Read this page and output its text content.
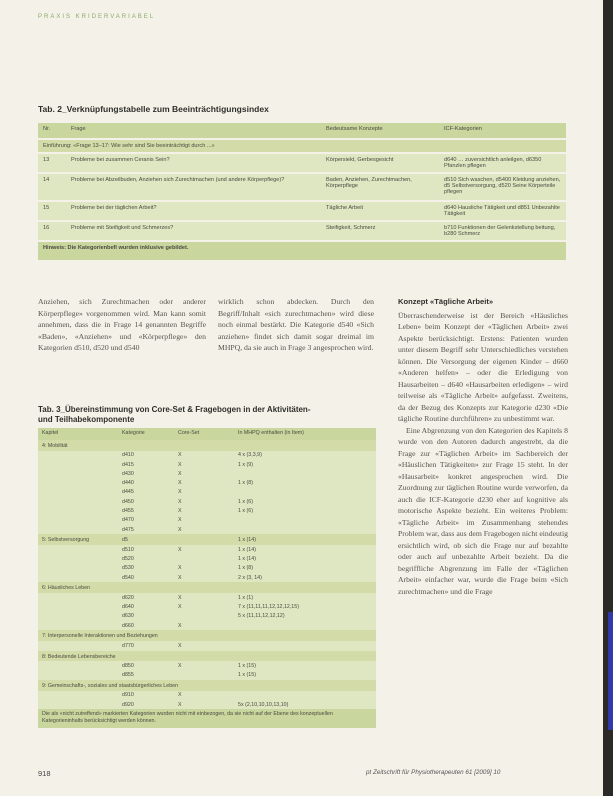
PRAXIS KRIDERVARIABEL
Tab. 2_Verknüpfungstabelle zum Beeinträchtigungsindex
Nr.	Frage	Bedeutsame Konzepte	ICF-Kategorien
Einführung: «Frage 13–17: Wie sehr sind Sie beeinträchtigt durch ...»			
13	Probleme bei zusammen Ceranis Sein?	Körpersiekt, Gerbesgesicht	d640 … zuversichtlich anleilgen, d6350 Pfanzlen pflegen
14	Probleme bei Abzeilbuden, Anziehen sich Zurechtmachen (und andere Körperpflege)?	Baden, Anziehen, Zurechtmachen, Körperpflege	d510 Sich waschen, d5400 Kleidung anziehen, d5 Selbstversorgung, d520 Seine Körperteile pflegen
15	Probleme bei der täglichen Arbeit?	Tägliche Arbeit	d640 Hausliche Tätigkeit und d851 Unbezahlte Tätigkeit
16	Probleme mit Steifigkeit und Schmerzes?	Steifigkeit, Schmerz	b710 Funktionen der Gelenkstellung beitung, b280 Schmerz
Hinweis: Die Kategorienbefi wurden inklusive gebildet.			

Anziehen, sich Zurechtmachen oder anderer Körperpflege» vorgenommen wird. Man kann somit annehmen, dass die in Frage 14 genannten Begriffe «Baden», «Anziehen» und «Körperpflege» den Kategorien d510, d520 und d540

wirklich schon abdecken. Durch den Begriff/Inhalt «sich zurechtmachen» wird diese noch einmal bestärkt. Die Kategorie d540 «Sich anziehen» findet sich damit sogar dreimal im MHPQ, da sie auch in Frage 3 angesprochen wird.

Tab. 3_Übereinstimmung von Core-Set & Fragebogen in der Aktivitäten-
und Teilhabekomponente
Kapitel	Kategorie	Core-Set	In MHPQ enthalten (in Item)
4: Mobilität			
	d410	X	4 x (3,3,9)
	d415	X	1 x (9)
	d430	X	
	d440	X	1 x (8)
	d445	X	
	d450	X	1 x (6)
	d455	X	1 x (6)
	d470	X	
	d475	X	
5: Selbstversorgung	d5		1 x (14)
	d510	X	1 x (14)
	d520		1 x (14)
	d530	X	1 x (8)
	d540	X	2 x (3, 14)
6: Häusliches Leben			
	d620	X	1 x (1)
	d640	X	7 x (11,11,11,12,12,12,15)
	d630		5 x (11,11,12,12,12)
	d660	X	
7: Interpersonelle Interaktionen und Beziehungen			
	d770	X	
8: Bedeutende Lebensbereiche			
	d850	X	1 x (15)
	d855		1 x (15)
9: Gemeinschafts-, soziales und staatsbürgerliches Leben			
	d910	X	
	d920	X	5x (2,10,10,10,13,10)
Die als «nicht zutreffend» markierten Kategorien wurden nicht mit einbezogen, da sie nicht auf der Ebene des konzeptuellen Kategorieninhalts berücksichtigt werden können.			
Konzept «Tägliche Arbeit»

Überraschenderweise ist der Bereich «Häusliches Leben» beim Konzept der «Täglichen Arbeit» zwei Aspekte berücksichtigt. Erstens: Patienten wurden unter diesem Begriff sehr Unterschiedliches verstehen können. Die Versorgung der eigenen Kinder – d660 «Anderen helfen» – oder die Erledigung von Hausarbeiten – d640 «Hausarbeiten erledigen» – wird teilweise als «Tägliche Arbeit» aufgefasst. Zweitens, da der Bezug des Konzepts zur Kategorie d230 «Die tägliche Routine durchführen» zu unbestimmt war.

Eine Abgrenzung von den Kategorien des Kapitels 8 wurde von den Autoren dadurch angestrebt, da die Frage zur «Täglichen Arbeit» im Sachbereich der «Häuslichen Tätigkeiten» zur Frage 15 steht. In der «Hausarbeit» konkret angesprochen wird. Die Zuordnung zur täglichen Routine wurde verworfen, da auch die ICF-Kategorie d230 eher auf kognitive als motorische Aspekte bezieht. Ein weiteres Problem: «Tägliche Arbeit» im Zusammenhang stehendes Problem war, dass aus dem Fragebogen nicht eindeutig ersichtlich wird, ob sich die Frage nur auf bezahlte oder auch auf unbezahlte Arbeit bezieht. Da die begriffliche Abgrenzung im Falle der «Täglichen Arbeit» einfacher war, wurde die Frage beim «Sich zurechtmachen» und die Frage

918	pt Zeitschrift für Physiotherapeuten 61 [2009] 10
